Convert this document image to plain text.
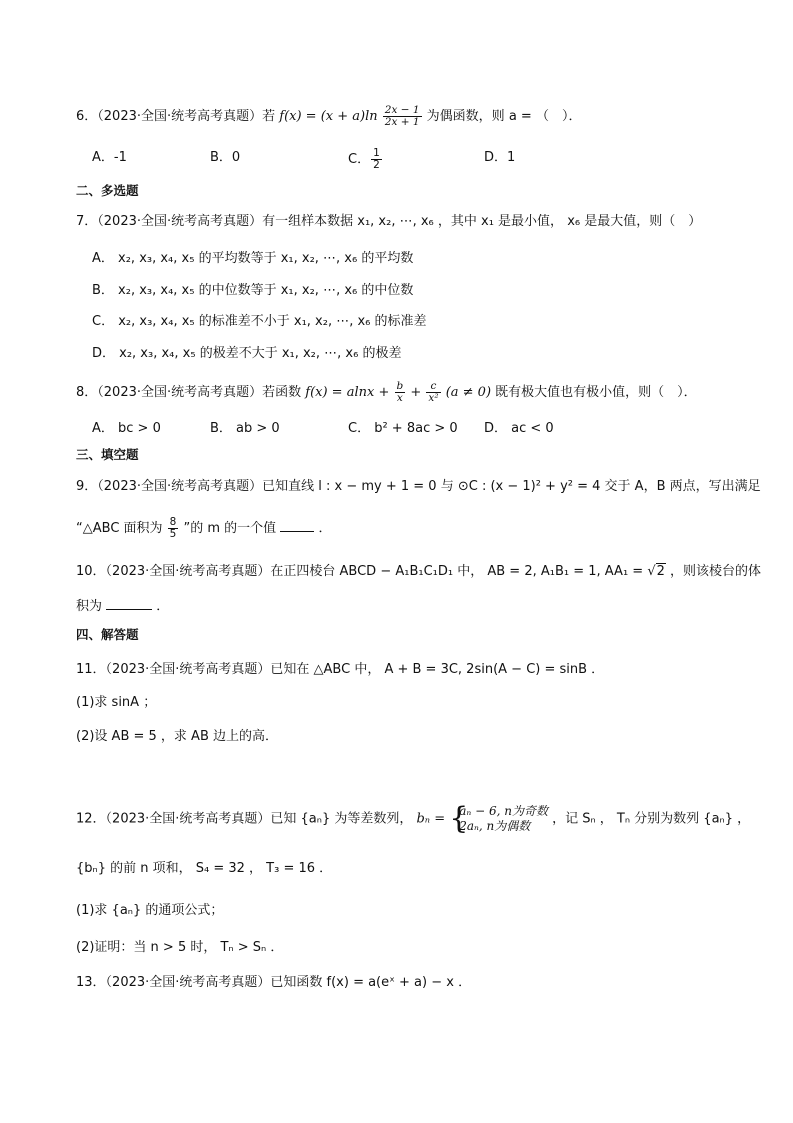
6．（2023·全国·统考高考真题）若 $f(x) = (x + a)\ln \frac{2x - 1}{2x + 1}$ 为偶函数，则 a = （　）．
A．-1	B．0	C． $\frac{1}{2}$	D．1
二、多选题
7．（2023·全国·统考高考真题）有一组样本数据 x₁, x₂, ⋯, x₆ ，其中 x₁ 是最小值， x₆ 是最大值，则（　）
A． x₂, x₃, x₄, x₅ 的平均数等于 x₁, x₂, ⋯, x₆ 的平均数
B． x₂, x₃, x₄, x₅ 的中位数等于 x₁, x₂, ⋯, x₆ 的中位数
C． x₂, x₃, x₄, x₅ 的标准差不小于 x₁, x₂, ⋯, x₆ 的标准差
D． x₂, x₃, x₄, x₅ 的极差不大于 x₁, x₂, ⋯, x₆ 的极差
8．（2023·全国·统考高考真题）若函数 $f(x) = alnx + \frac{b}{x} + \frac{c}{\text{x²}} (a \ne 0)$ 既有极大值也有极小值，则（　）．
A． bc > 0	B． ab > 0	C． b² + 8ac > 0 D． ac < 0
三、填空题
9．（2023·全国·统考高考真题）已知直线 l : x − my + 1 = 0 与 ⊙C : (x − 1)² + y² = 4 交于 A，B 两点，写出满足
“△ABC 面积为 $\frac{8}{5}$ ”的 m 的一个值	．
10．（2023·全国·统考高考真题）在正四棱台 ABCD − A₁B₁C₁D₁ 中， AB = 2, A₁B₁ = 1, AA₁ = √2 ，则该棱台的体
积为	．
四、解答题
11．（2023·全国·统考高考真题）已知在 △ABC 中， A + B = 3C, 2sin(A − C) = sinB ．
(1)求 sinA ；
(2)设 AB = 5 ，求 AB 边上的高．
12．（2023·全国·统考高考真题）已知 {aₙ} 为等差数列， bₙ = {
aₙ − 6, n为奇数
2aₙ, n为偶数	，记 Sₙ ， Tₙ 分别为数列 {aₙ} ，
{bₙ} 的前 n 项和， S₄ = 32 ， T₃ = 16 ．
(1)求 {aₙ} 的通项公式；
(2)证明：当 n > 5 时， Tₙ > Sₙ ．
13．（2023·全国·统考高考真题）已知函数 f(x) = a(eˣ + a) − x ．
